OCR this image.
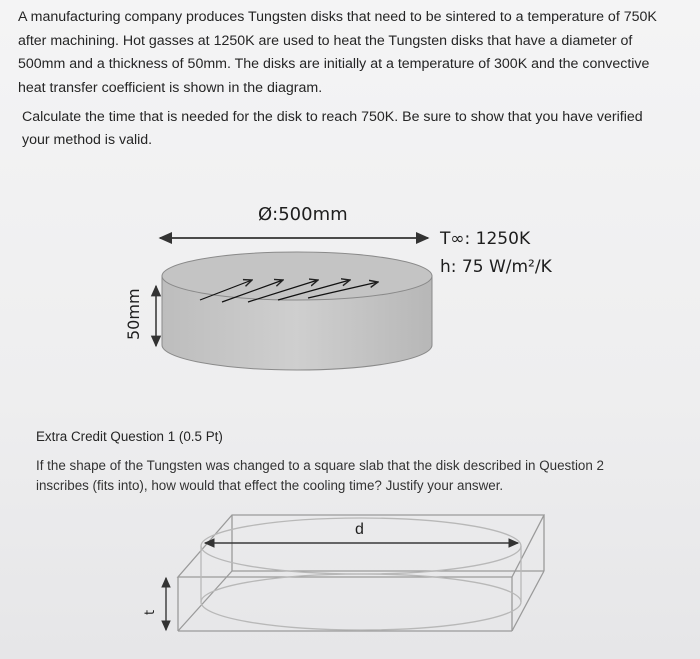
A manufacturing company produces Tungsten disks that need to be sintered to a temperature of 750K after machining. Hot gasses at 1250K are used to heat the Tungsten disks that have a diameter of 500mm and a thickness of 50mm. The disks are initially at a temperature of 300K and the convective heat transfer coefficient is shown in the diagram.
Calculate the time that is needed for the disk to reach 750K. Be sure to show that you have verified your method is valid.
Ø:500mm
T∞: 1250K
h: 75 W/m²/K
50mm
Extra Credit Question 1 (0.5 Pt)
If the shape of the Tungsten was changed to a square slab that the disk described in Question 2 inscribes (fits into), how would that effect the cooling time? Justify your answer.
d
t
